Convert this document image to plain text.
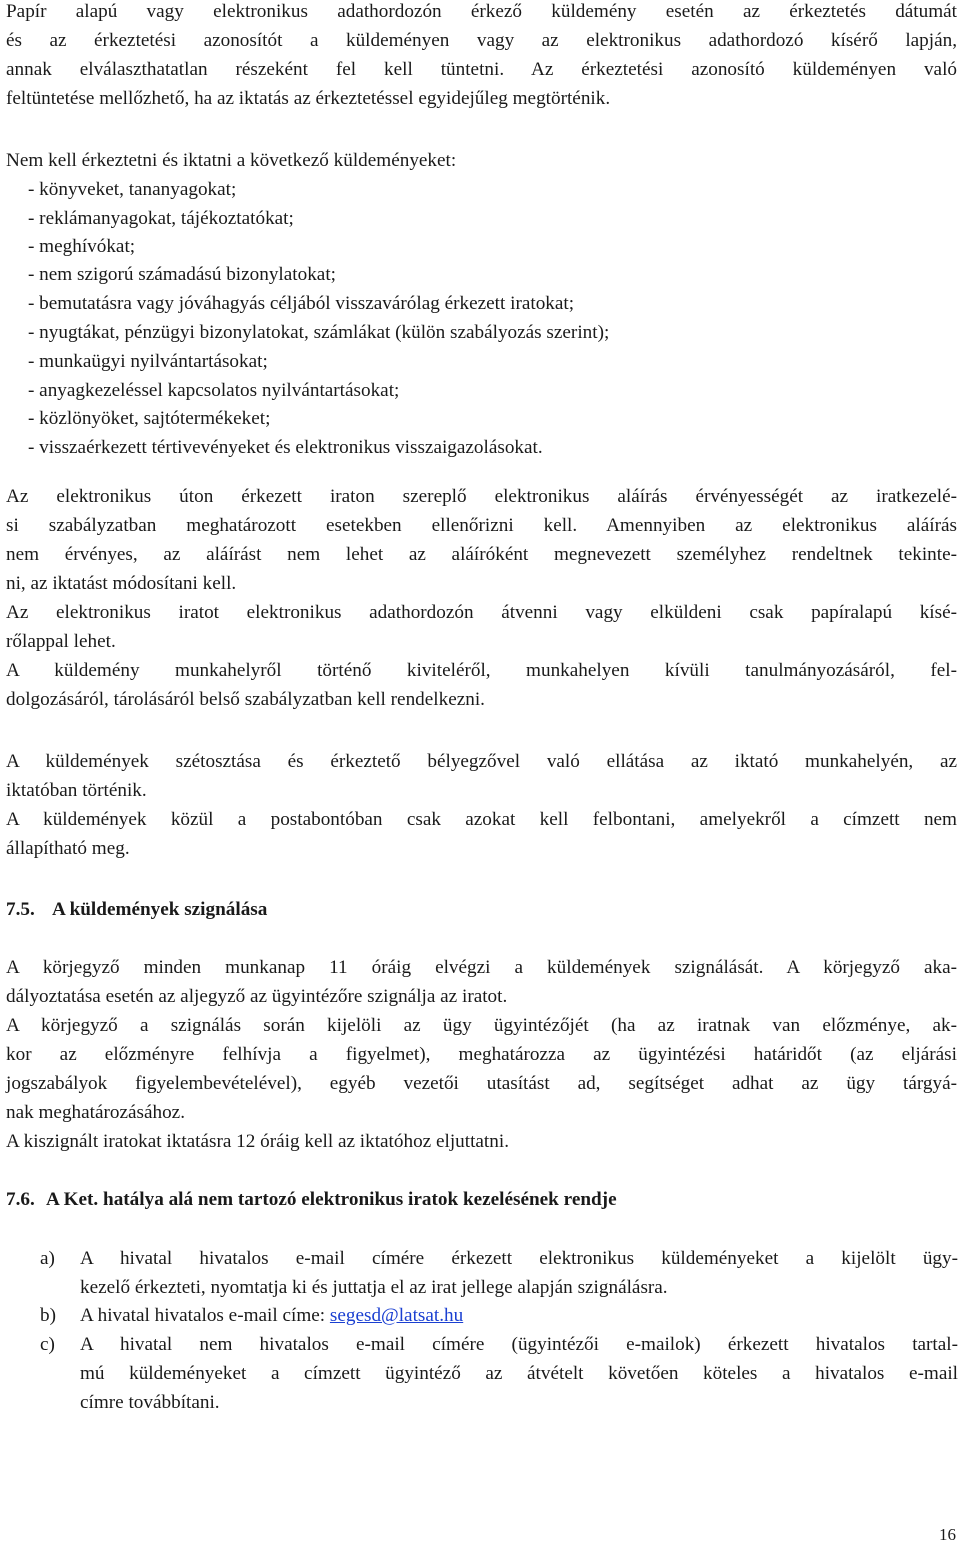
Papír alapú vagy elektronikus adathordozón érkező küldemény esetén az érkeztetés dátumát
és az érkeztetési azonosítót a küldeményen vagy az elektronikus adathordozó kísérő lapján,
annak elválaszthatatlan részeként fel kell tüntetni. Az érkeztetési azonosító küldeményen való
feltüntetése mellőzhető, ha az iktatás az érkeztetéssel egyidejűleg megtörténik.
Nem kell érkeztetni és iktatni a következő küldeményeket:
- könyveket, tananyagokat;
- reklámanyagokat, tájékoztatókat;
- meghívókat;
- nem szigorú számadású bizonylatokat;
- bemutatásra vagy jóváhagyás céljából visszavárólag érkezett iratokat;
- nyugtákat, pénzügyi bizonylatokat, számlákat (külön szabályozás szerint);
- munkaügyi nyilvántartásokat;
- anyagkezeléssel kapcsolatos nyilvántartásokat;
- közlönyöket, sajtótermékeket;
- visszaérkezett tértivevényeket és elektronikus visszaigazolásokat.
Az elektronikus úton érkezett iraton szereplő elektronikus aláírás érvényességét az iratkezelé-
si szabályzatban meghatározott esetekben ellenőrizni kell. Amennyiben az elektronikus aláírás
nem érvényes, az aláírást nem lehet az aláíróként megnevezett személyhez rendeltnek tekinte-
ni, az iktatást módosítani kell.
Az elektronikus iratot elektronikus adathordozón átvenni vagy elküldeni csak papíralapú kísé-
rőlappal lehet.
A küldemény munkahelyről történő kiviteléről, munkahelyen kívüli tanulmányozásáról, fel-
dolgozásáról, tárolásáról belső szabályzatban kell rendelkezni.
A küldemények szétosztása és érkeztető bélyegzővel való ellátása az iktató munkahelyén, az
iktatóban történik.
A küldemények közül a postabontóban csak azokat kell felbontani, amelyekről a címzett nem
állapítható meg.
7.5. A küldemények szignálása
A körjegyző minden munkanap 11 óráig elvégzi a küldemények szignálását. A körjegyző aka-
dályoztatása esetén az aljegyző az ügyintézőre szignálja az iratot.
A körjegyző a szignálás során kijelöli az ügy ügyintézőjét (ha az iratnak van előzménye, ak-
kor az előzményre felhívja a figyelmet), meghatározza az ügyintézési határidőt (az eljárási
jogszabályok figyelembevételével), egyéb vezetői utasítást ad, segítséget adhat az ügy tárgyá-
nak meghatározásához.
A kiszignált iratokat iktatásra 12 óráig kell az iktatóhoz eljuttatni.
7.6. A Ket. hatálya alá nem tartozó elektronikus iratok kezelésének rendje
a) A hivatal hivatalos e-mail címére érkezett elektronikus küldeményeket a kijelölt ügy-
kezelő érkezteti, nyomtatja ki és juttatja el az irat jellege alapján szignálásra.
b) A hivatal hivatalos e-mail címe: segesd@latsat.hu
c) A hivatal nem hivatalos e-mail címére (ügyintézői e-mailok) érkezett hivatalos tartal-
mú küldeményeket a címzett ügyintéző az átvételt követően köteles a hivatalos e-mail
címre továbbítani.
16
